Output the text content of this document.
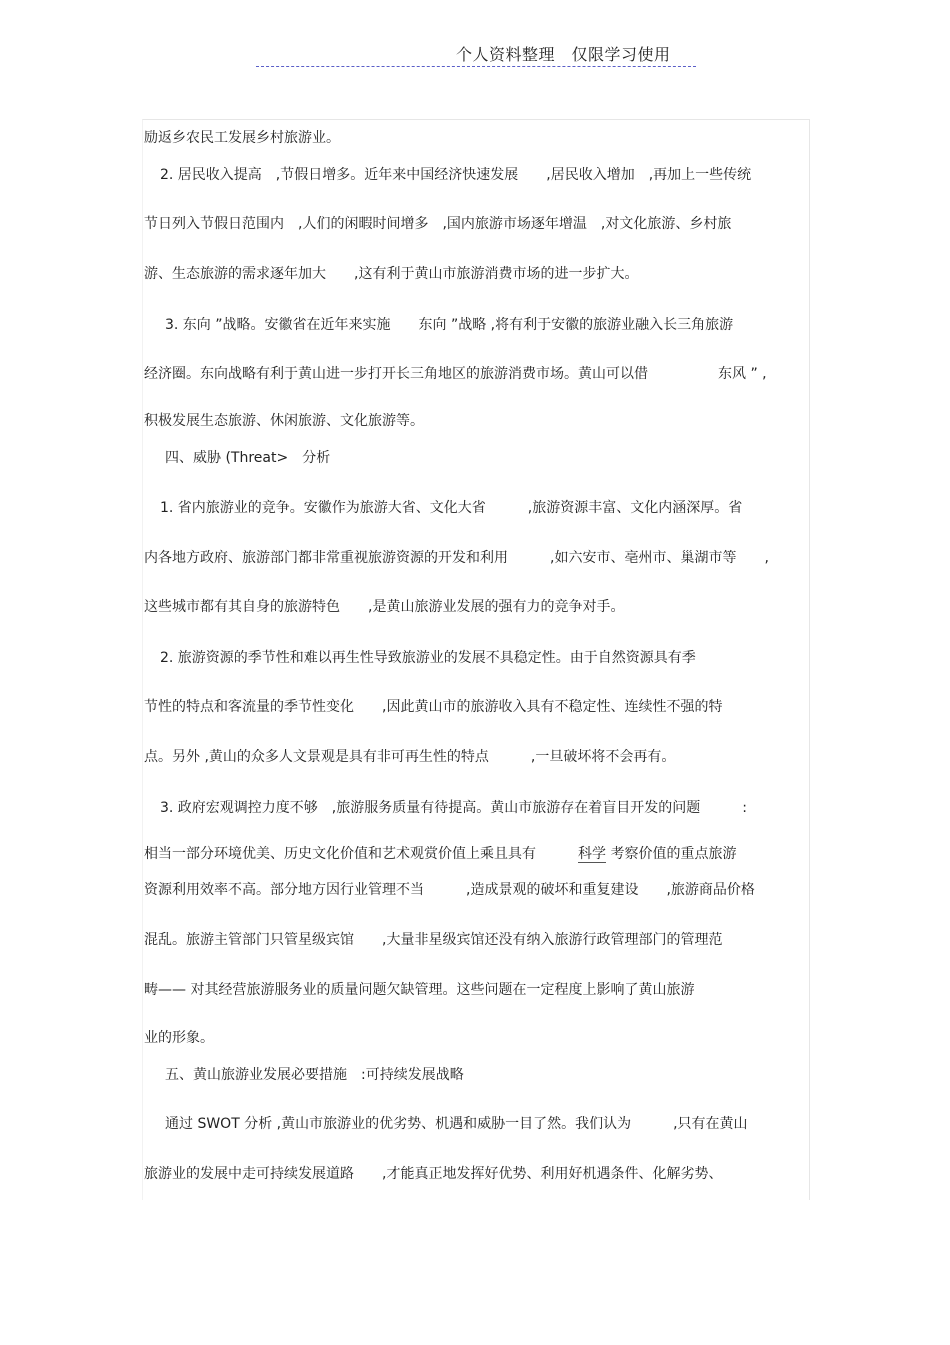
个人资料整理　仅限学习使用
励返乡农民工发展乡村旅游业。
2. 居民收入提高　,节假日增多。近年来中国经济快速发展　　,居民收入增加　,再加上一些传统
节日列入节假日范围内　,人们的闲暇时间增多　,国内旅游市场逐年增温　,对文化旅游、乡村旅
游、生态旅游的需求逐年加大　　,这有利于黄山市旅游消费市场的进一步扩大。
3. 东向 ”战略。安徽省在近年来实施　　东向 ”战略 ,将有利于安徽的旅游业融入长三角旅游
经济圈。东向战略有利于黄山进一步打开长三角地区的旅游消费市场。黄山可以借　　　　　东风 ” ,
积极发展生态旅游、休闲旅游、文化旅游等。
四、威胁 (Threat>　分析
1. 省内旅游业的竞争。安徽作为旅游大省、文化大省　　　,旅游资源丰富、文化内涵深厚。省
内各地方政府、旅游部门都非常重视旅游资源的开发和利用　　　,如六安市、亳州市、巢湖市等　　,
这些城市都有其自身的旅游特色　　,是黄山旅游业发展的强有力的竞争对手。
2. 旅游资源的季节性和难以再生性导致旅游业的发展不具稳定性。由于自然资源具有季
节性的特点和客流量的季节性变化　　,因此黄山市的旅游收入具有不稳定性、连续性不强的特
点。另外 ,黄山的众多人文景观是具有非可再生性的特点　　　,一旦破坏将不会再有。
3. 政府宏观调控力度不够　,旅游服务质量有待提高。黄山市旅游存在着盲目开发的问题　　　:
相当一部分环境优美、历史文化价值和艺术观赏价值上乘且具有　　　科学 考察价值的重点旅游
资源利用效率不高。部分地方因行业管理不当　　　,造成景观的破坏和重复建设　　,旅游商品价格
混乱。旅游主管部门只管星级宾馆　　,大量非星级宾馆还没有纳入旅游行政管理部门的管理范
畴—— 对其经营旅游服务业的质量问题欠缺管理。这些问题在一定程度上影响了黄山旅游
业的形象。
五、黄山旅游业发展必要措施　:可持续发展战略
通过 SWOT 分析 ,黄山市旅游业的优劣势、机遇和威胁一目了然。我们认为　　　,只有在黄山
旅游业的发展中走可持续发展道路　　,才能真正地发挥好优势、利用好机遇条件、化解劣势、
